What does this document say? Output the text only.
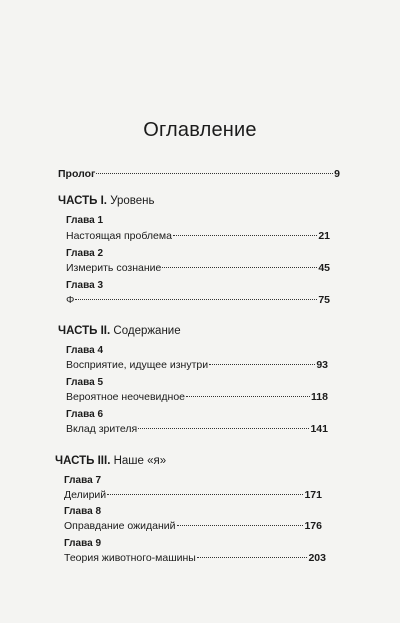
Оглавление
Пролог	9
ЧАСТЬ I. Уровень
Глава 1
Настоящая проблема	21
Глава 2
Измерить сознание	45
Глава 3
Φ	75
ЧАСТЬ II. Содержание
Глава 4
Восприятие, идущее изнутри	93
Глава 5
Вероятное неочевидное	118
Глава 6
Вклад зрителя	141
ЧАСТЬ III. Наше «я»
Глава 7
Делирий	171
Глава 8
Оправдание ожиданий	176
Глава 9
Теория животного-машины	203
